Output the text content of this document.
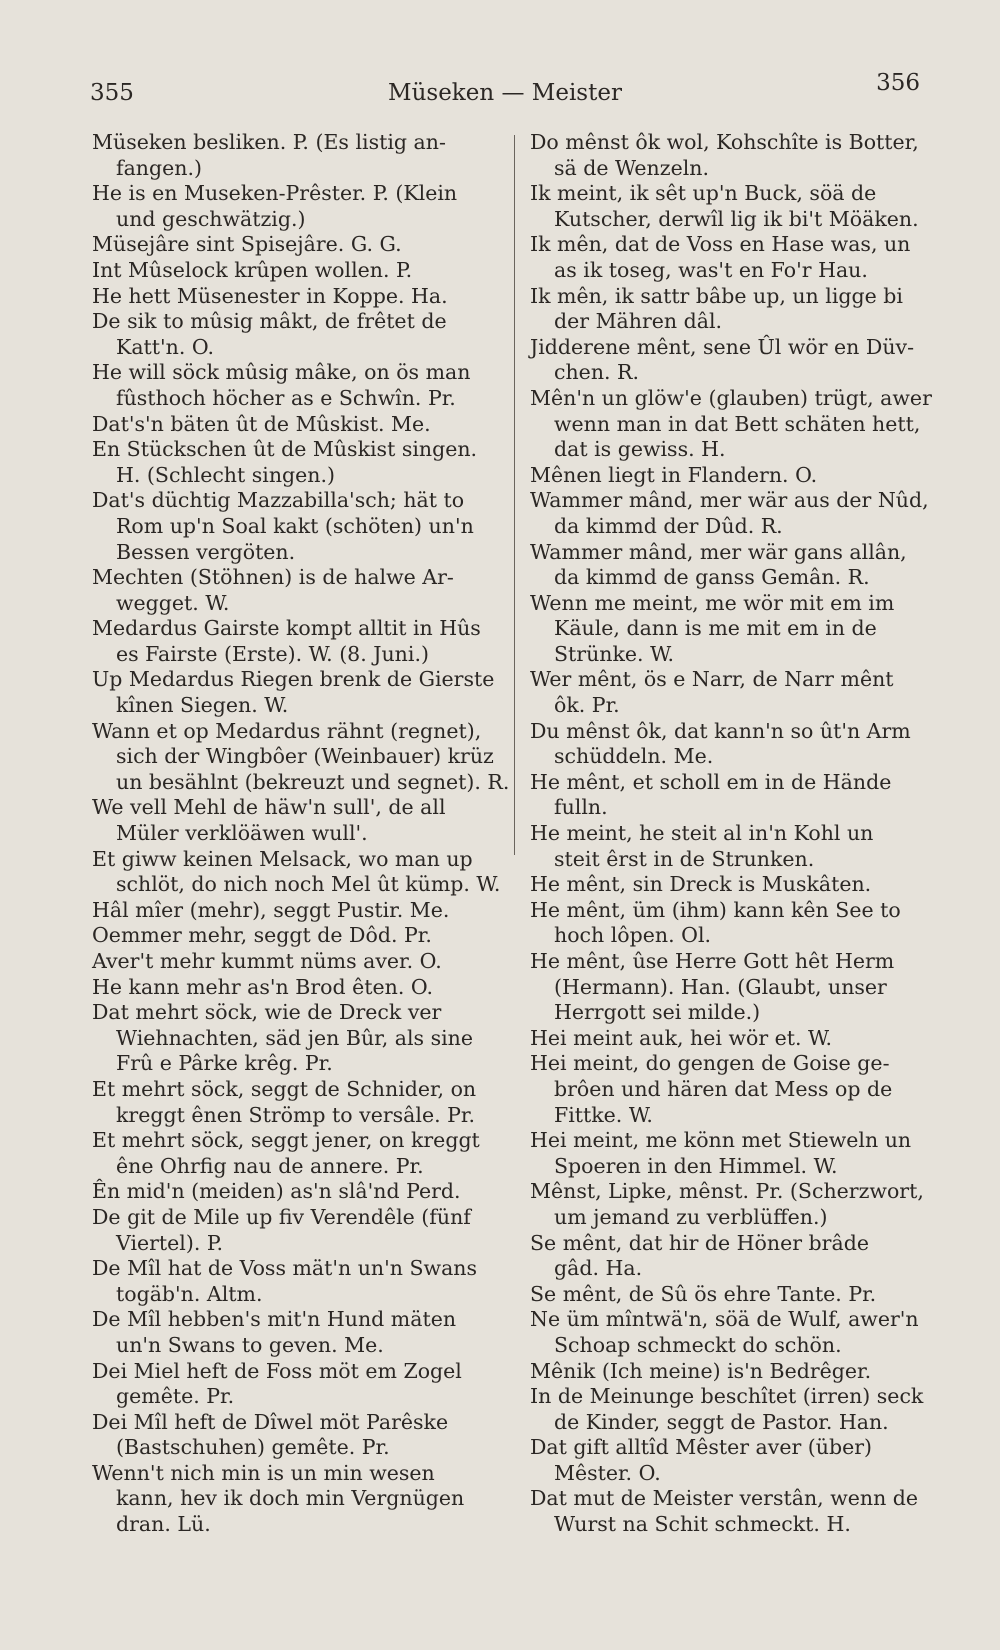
355	Müseken — Meister	356

Müseken besliken. P. (Es listig an-
fangen.)

He is en Museken-Prêster. P. (Klein
und geschwätzig.)

Müsejâre sint Spisejâre. G. G.

Int Mûselock krûpen wollen. P.

He hett Müsenester in Koppe. Ha.

De sik to mûsig mâkt, de frêtet de
Katt'n. O.

He will söck mûsig mâke, on ös man
fûsthoch höcher as e Schwîn. Pr.

Dat's'n bäten ût de Mûskist. Me.

En Stückschen ût de Mûskist singen.
H. (Schlecht singen.)

Dat's düchtig Mazzabilla'sch; hät to
Rom up'n Soal kakt (schöten) un'n
Bessen vergöten.

Mechten (Stöhnen) is de halwe Ar-
wegget. W.

Medardus Gairste kompt alltit in Hûs
es Fairste (Erste). W. (8. Juni.)

Up Medardus Riegen brenk de Gierste
kînen Siegen. W.

Wann et op Medardus rähnt (regnet),
sich der Wingbôer (Weinbauer) krüz
un besählnt (bekreuzt und segnet). R.

We vell Mehl de häw'n sull', de all
Müler verklöäwen wull'.

Et giww keinen Melsack, wo man up
schlöt, do nich noch Mel ût kümp. W.

Hâl mîer (mehr), seggt Pustir. Me.

Oemmer mehr, seggt de Dôd. Pr.

Aver't mehr kummt nüms aver. O.

He kann mehr as'n Brod êten. O.

Dat mehrt söck, wie de Dreck ver
Wiehnachten, säd jen Bûr, als sine
Frû e Pârke krêg. Pr.

Et mehrt söck, seggt de Schnider, on
kreggt ênen Strömp to versâle. Pr.

Et mehrt söck, seggt jener, on kreggt
êne Ohrfig nau de annere. Pr.

Ên mid'n (meiden) as'n slâ'nd Perd.

De git de Mile up fiv Verendêle (fünf
Viertel). P.

De Mîl hat de Voss mät'n un'n Swans
togäb'n. Altm.

De Mîl hebben's mit'n Hund mäten
un'n Swans to geven. Me.

Dei Miel heft de Foss möt em Zogel
gemête. Pr.

Dei Mîl heft de Dîwel möt Parêske
(Bastschuhen) gemête. Pr.

Wenn't nich min is un min wesen
kann, hev ik doch min Vergnügen
dran. Lü.

Do mênst ôk wol, Kohschîte is Botter,
sä de Wenzeln.

Ik meint, ik sêt up'n Buck, söä de
Kutscher, derwîl lig ik bi't Möäken.

Ik mên, dat de Voss en Hase was, un
as ik toseg, was't en Fo'r Hau.

Ik mên, ik sattr bâbe up, un ligge bi
der Mähren dâl.

Jidderene mênt, sene Ûl wör en Düv-
chen. R.

Mên'n un glöw'e (glauben) trügt, awer
wenn man in dat Bett schäten hett,
dat is gewiss. H.

Mênen liegt in Flandern. O.

Wammer mând, mer wär aus der Nûd,
da kimmd der Dûd. R.

Wammer mând, mer wär gans allân,
da kimmd de ganss Gemân. R.

Wenn me meint, me wör mit em im
Käule, dann is me mit em in de
Strünke. W.

Wer mênt, ös e Narr, de Narr mênt
ôk. Pr.

Du mênst ôk, dat kann'n so ût'n Arm
schüddeln. Me.

He mênt, et scholl em in de Hände
fulln.

He meint, he steit al in'n Kohl un
steit êrst in de Strunken.

He mênt, sin Dreck is Muskâten.

He mênt, üm (ihm) kann kên See to
hoch lôpen. Ol.

He mênt, ûse Herre Gott hêt Herm
(Hermann). Han. (Glaubt, unser
Herrgott sei milde.)

Hei meint auk, hei wör et. W.

Hei meint, do gengen de Goise ge-
brôen und hären dat Mess op de
Fittke. W.

Hei meint, me könn met Stieweln un
Spoeren in den Himmel. W.

Mênst, Lipke, mênst. Pr. (Scherzwort,
um jemand zu verblüffen.)

Se mênt, dat hir de Höner brâde
gâd. Ha.

Se mênt, de Sû ös ehre Tante. Pr.

Ne üm mîntwä'n, söä de Wulf, awer'n
Schoap schmeckt do schön.

Mênik (Ich meine) is'n Bedrêger.

In de Meinunge beschîtet (irren) seck
de Kinder, seggt de Pastor. Han.

Dat gift alltîd Mêster aver (über)
Mêster. O.

Dat mut de Meister verstân, wenn de
Wurst na Schit schmeckt. H.
